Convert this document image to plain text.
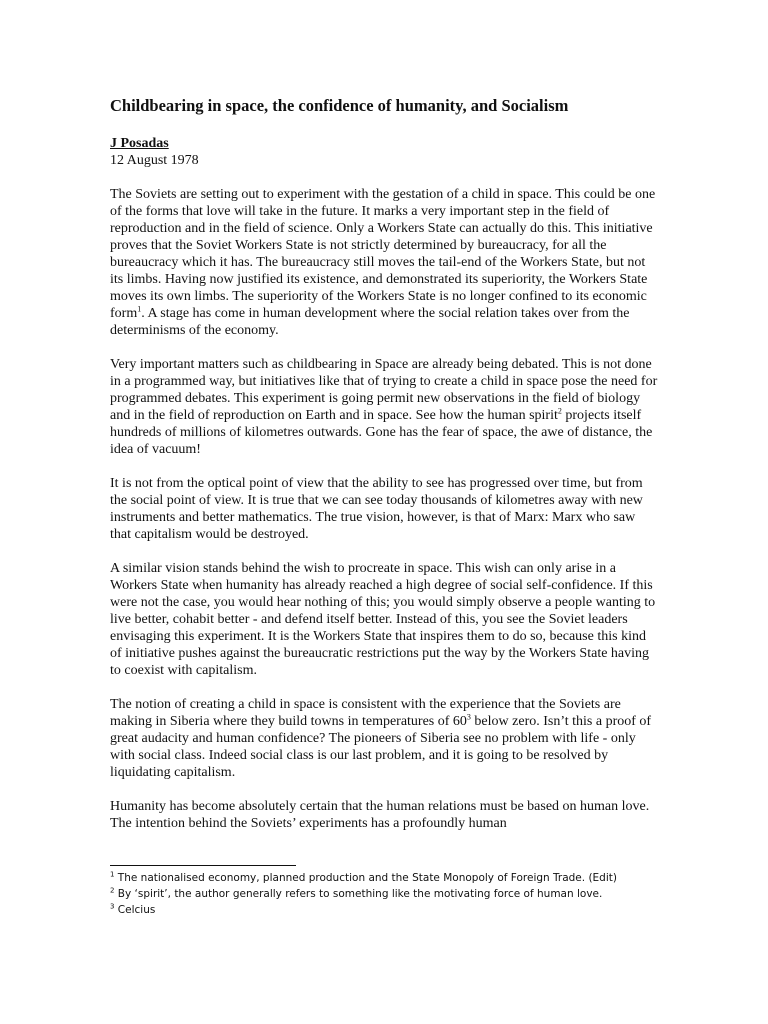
Childbearing in space, the confidence of humanity, and Socialism
J Posadas
12 August 1978

The Soviets are setting out to experiment with the gestation of a child in space. This could be one of the forms that love will take in the future. It marks a very important step in the field of reproduction and in the field of science. Only a Workers State can actually do this. This initiative proves that the Soviet Workers State is not strictly determined by bureaucracy, for all the bureaucracy which it has. The bureaucracy still moves the tail-end of the Workers State, but not its limbs. Having now justified its existence, and demonstrated its superiority, the Workers State moves its own limbs. The superiority of the Workers State is no longer confined to its economic form$^1$. A stage has come in human development where the social relation takes over from the determinisms of the economy.

Very important matters such as childbearing in Space are already being debated. This is not done in a programmed way, but initiatives like that of trying to create a child in space pose the need for programmed debates. This experiment is going permit new observations in the field of biology and in the field of reproduction on Earth and in space. See how the human spirit$^2$ projects itself hundreds of millions of kilometres outwards. Gone has the fear of space, the awe of distance, the idea of vacuum!

It is not from the optical point of view that the ability to see has progressed over time, but from the social point of view. It is true that we can see today thousands of kilometres away with new instruments and better mathematics. The true vision, however, is that of Marx: Marx who saw that capitalism would be destroyed.

A similar vision stands behind the wish to procreate in space. This wish can only arise in a Workers State when humanity has already reached a high degree of social self-confidence. If this were not the case, you would hear nothing of this; you would simply observe a people wanting to live better, cohabit better - and defend itself better. Instead of this, you see the Soviet leaders envisaging this experiment. It is the Workers State that inspires them to do so, because this kind of initiative pushes against the bureaucratic restrictions put the way by the Workers State having to coexist with capitalism.

The notion of creating a child in space is consistent with the experience that the Soviets are making in Siberia where they build towns in temperatures of $60^3$ below zero. Isn’t this a proof of great audacity and human confidence? The pioneers of Siberia see no problem with life - only with social class. Indeed social class is our last problem, and it is going to be resolved by liquidating capitalism.

Humanity has become absolutely certain that the human relations must be based on human love. The intention behind the Soviets’ experiments has a profoundly human

$^1$ The nationalised economy, planned production and the State Monopoly of Foreign Trade. (Edit)
$^2$ By ‘spirit’, the author generally refers to something like the motivating force of human love.
$^3$ Celcius
